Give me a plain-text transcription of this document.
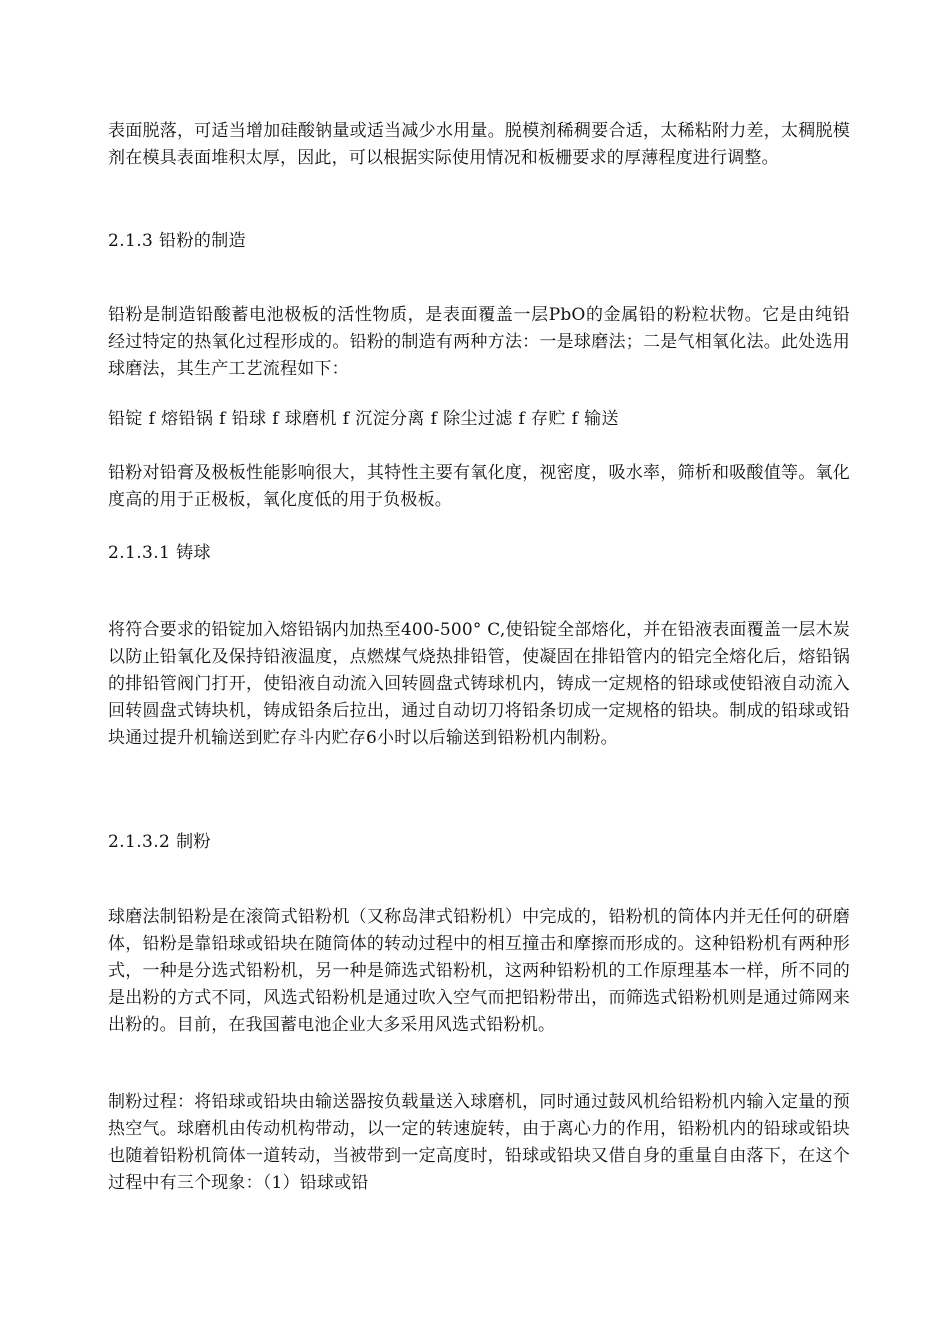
表面脱落，可适当增加硅酸钠量或适当减少水用量。脱模剂稀稠要合适，太稀粘附力差，太稠脱模剂在模具表面堆积太厚，因此，可以根据实际使用情况和板栅要求的厚薄程度进行调整。

2.1.3 铅粉的制造

铅粉是制造铅酸蓄电池极板的活性物质，是表面覆盖一层PbO的金属铅的粉粒状物。它是由纯铅经过特定的热氧化过程形成的。铅粉的制造有两种方法：一是球磨法；二是气相氧化法。此处选用球磨法，其生产工艺流程如下：

铅锭 f 熔铅锅 f 铅球 f 球磨机 f 沉淀分离 f 除尘过滤 f 存贮 f 输送

铅粉对铅膏及极板性能影响很大，其特性主要有氧化度，视密度，吸水率，筛析和吸酸值等。氧化度高的用于正极板，氧化度低的用于负极板。

2.1.3.1 铸球

将符合要求的铅锭加入熔铅锅内加热至400-500° C,使铅锭全部熔化，并在铅液表面覆盖一层木炭以防止铅氧化及保持铅液温度，点燃煤气烧热排铅管，使凝固在排铅管内的铅完全熔化后，熔铅锅的排铅管阀门打开，使铅液自动流入回转圆盘式铸球机内，铸成一定规格的铅球或使铅液自动流入回转圆盘式铸块机，铸成铅条后拉出，通过自动切刀将铅条切成一定规格的铅块。制成的铅球或铅块通过提升机输送到贮存斗内贮存6小时以后输送到铅粉机内制粉。

2.1.3.2 制粉

球磨法制铅粉是在滚筒式铅粉机（又称岛津式铅粉机）中完成的，铅粉机的筒体内并无任何的研磨体，铅粉是靠铅球或铅块在随筒体的转动过程中的相互撞击和摩擦而形成的。这种铅粉机有两种形式，一种是分选式铅粉机，另一种是筛选式铅粉机，这两种铅粉机的工作原理基本一样，所不同的是出粉的方式不同，风选式铅粉机是通过吹入空气而把铅粉带出，而筛选式铅粉机则是通过筛网来出粉的。目前，在我国蓄电池企业大多采用风选式铅粉机。

制粉过程：将铅球或铅块由输送器按负载量送入球磨机，同时通过鼓风机给铅粉机内输入定量的预热空气。球磨机由传动机构带动，以一定的转速旋转，由于离心力的作用，铅粉机内的铅球或铅块也随着铅粉机筒体一道转动，当被带到一定高度时，铅球或铅块又借自身的重量自由落下，在这个过程中有三个现象：（1）铅球或铅
